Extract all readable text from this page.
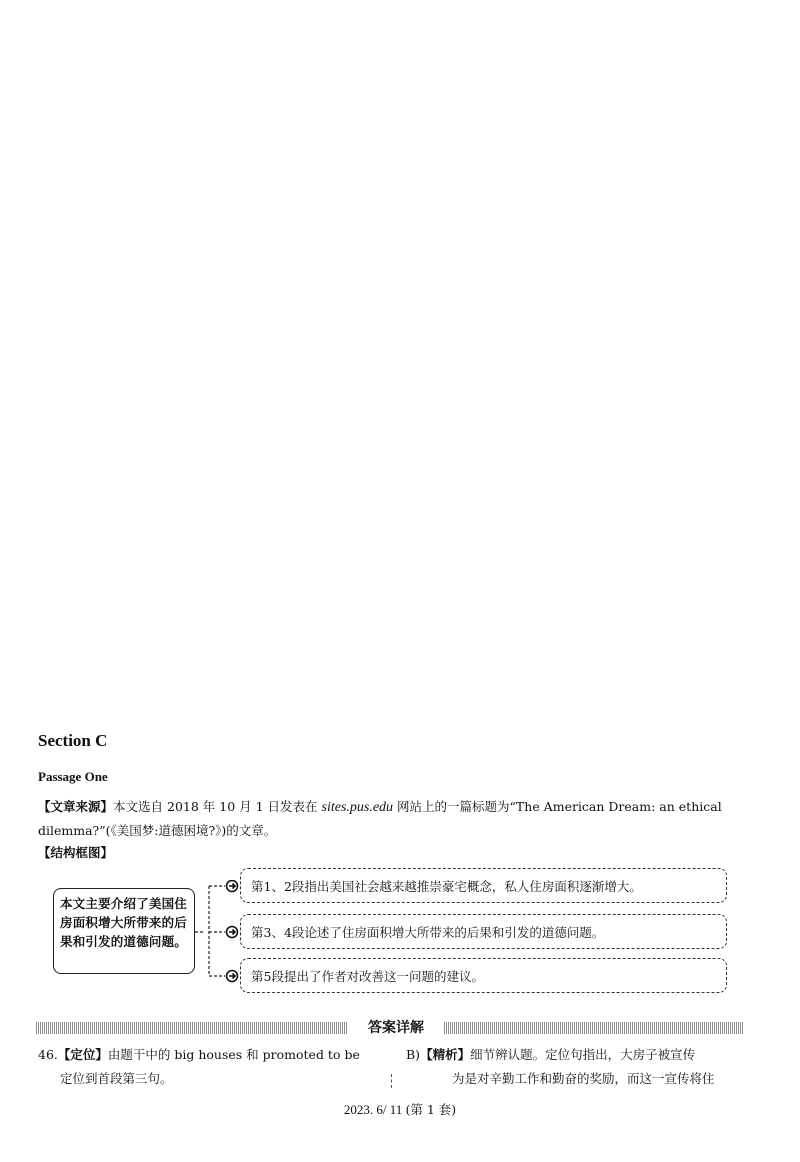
Section C
Passage One
【文章来源】本文选自 2018 年 10 月 1 日发表在 sites.pus.edu 网站上的一篇标题为“The American Dream: an ethical dilemma?”(《美国梦:道德困境?》)的文章。
【结构框图】
本文主要介绍了美国住房面积增大所带来的后果和引发的道德问题。
第1、2段指出美国社会越来越推崇豪宅概念，私人住房面积逐渐增大。
第3、4段论述了住房面积增大所带来的后果和引发的道德问题。
第5段提出了作者对改善这一问题的建议。
答案详解
46.【定位】由题干中的 big houses 和 promoted to be
定位到首段第三句。
B)【精析】细节辨认题。定位句指出，大房子被宣传
为是对辛勤工作和勤奋的奖励，而这一宣传将住
2023. 6/ 11 (第 1 套)
